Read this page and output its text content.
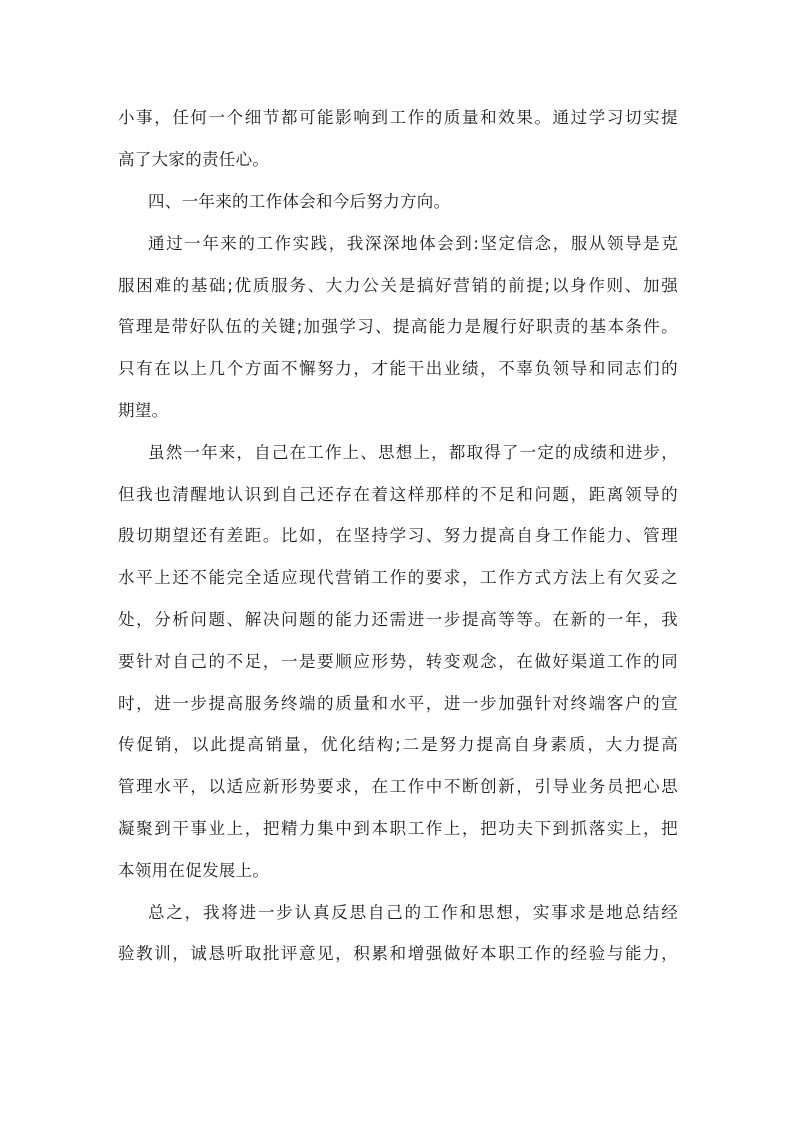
小事，任何一个细节都可能影响到工作的质量和效果。通过学习切实提
高了大家的责任心。
四、一年来的工作体会和今后努力方向。
通过一年来的工作实践，我深深地体会到:坚定信念，服从领导是克
服困难的基础;优质服务、大力公关是搞好营销的前提;以身作则、加强
管理是带好队伍的关键;加强学习、提高能力是履行好职责的基本条件。
只有在以上几个方面不懈努力，才能干出业绩，不辜负领导和同志们的
期望。
虽然一年来，自己在工作上、思想上，都取得了一定的成绩和进步，
但我也清醒地认识到自己还存在着这样那样的不足和问题，距离领导的
殷切期望还有差距。比如，在坚持学习、努力提高自身工作能力、管理
水平上还不能完全适应现代营销工作的要求，工作方式方法上有欠妥之
处，分析问题、解决问题的能力还需进一步提高等等。在新的一年，我
要针对自己的不足，一是要顺应形势，转变观念，在做好渠道工作的同
时，进一步提高服务终端的质量和水平，进一步加强针对终端客户的宣
传促销，以此提高销量，优化结构;二是努力提高自身素质，大力提高
管理水平，以适应新形势要求，在工作中不断创新，引导业务员把心思
凝聚到干事业上，把精力集中到本职工作上，把功夫下到抓落实上，把
本领用在促发展上。
总之，我将进一步认真反思自己的工作和思想，实事求是地总结经
验教训，诚恳听取批评意见，积累和增强做好本职工作的经验与能力，
